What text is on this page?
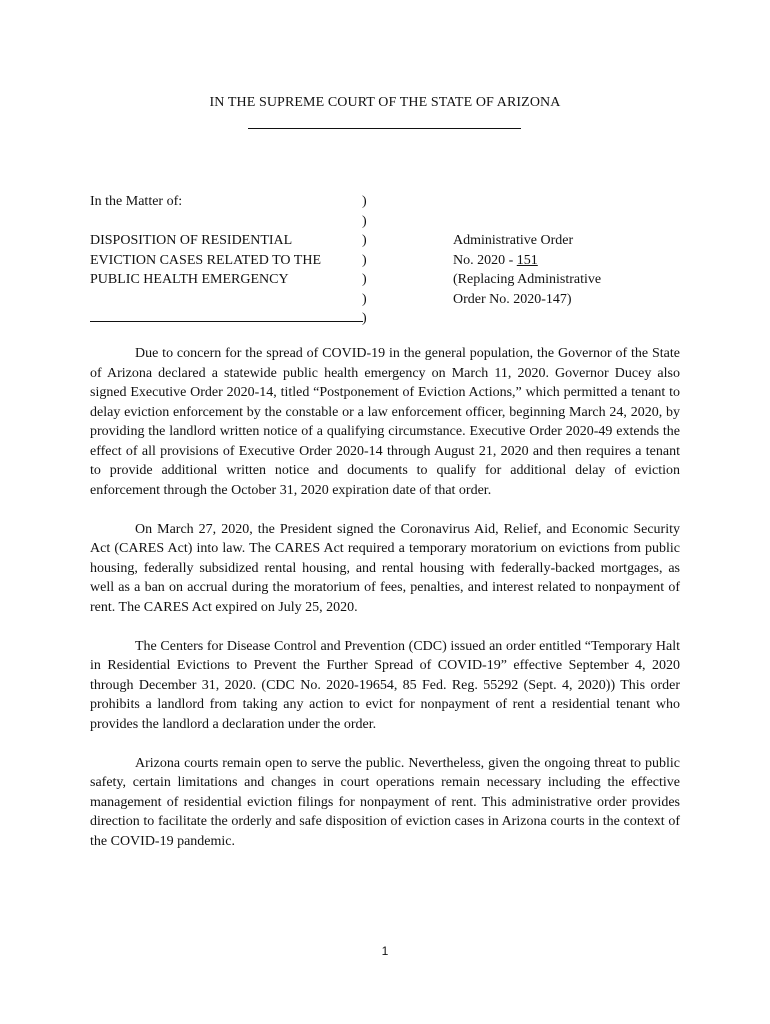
IN THE SUPREME COURT OF THE STATE OF ARIZONA
In the Matter of:
DISPOSITION OF RESIDENTIAL
EVICTION CASES RELATED TO THE
PUBLIC HEALTH EMERGENCY
)
)
)
)
)
)
)
Administrative Order
No. 2020 - 151
(Replacing Administrative
Order No. 2020-147)

Due to concern for the spread of COVID-19 in the general population, the Governor of the State of Arizona declared a statewide public health emergency on March 11, 2020. Governor Ducey also signed Executive Order 2020-14, titled “Postponement of Eviction Actions,” which permitted a tenant to delay eviction enforcement by the constable or a law enforcement officer, beginning March 24, 2020, by providing the landlord written notice of a qualifying circumstance. Executive Order 2020-49 extends the effect of all provisions of Executive Order 2020-14 through August 21, 2020 and then requires a tenant to provide additional written notice and documents to qualify for additional delay of eviction enforcement through the October 31, 2020 expiration date of that order.

On March 27, 2020, the President signed the Coronavirus Aid, Relief, and Economic Security Act (CARES Act) into law. The CARES Act required a temporary moratorium on evictions from public housing, federally subsidized rental housing, and rental housing with federally-backed mortgages, as well as a ban on accrual during the moratorium of fees, penalties, and interest related to nonpayment of rent. The CARES Act expired on July 25, 2020.

The Centers for Disease Control and Prevention (CDC) issued an order entitled “Temporary Halt in Residential Evictions to Prevent the Further Spread of COVID-19” effective September 4, 2020 through December 31, 2020. (CDC No. 2020-19654, 85 Fed. Reg. 55292 (Sept. 4, 2020)) This order prohibits a landlord from taking any action to evict for nonpayment of rent a residential tenant who provides the landlord a declaration under the order.

Arizona courts remain open to serve the public. Nevertheless, given the ongoing threat to public safety, certain limitations and changes in court operations remain necessary including the effective management of residential eviction filings for nonpayment of rent. This administrative order provides direction to facilitate the orderly and safe disposition of eviction cases in Arizona courts in the context of the COVID-19 pandemic.

1
